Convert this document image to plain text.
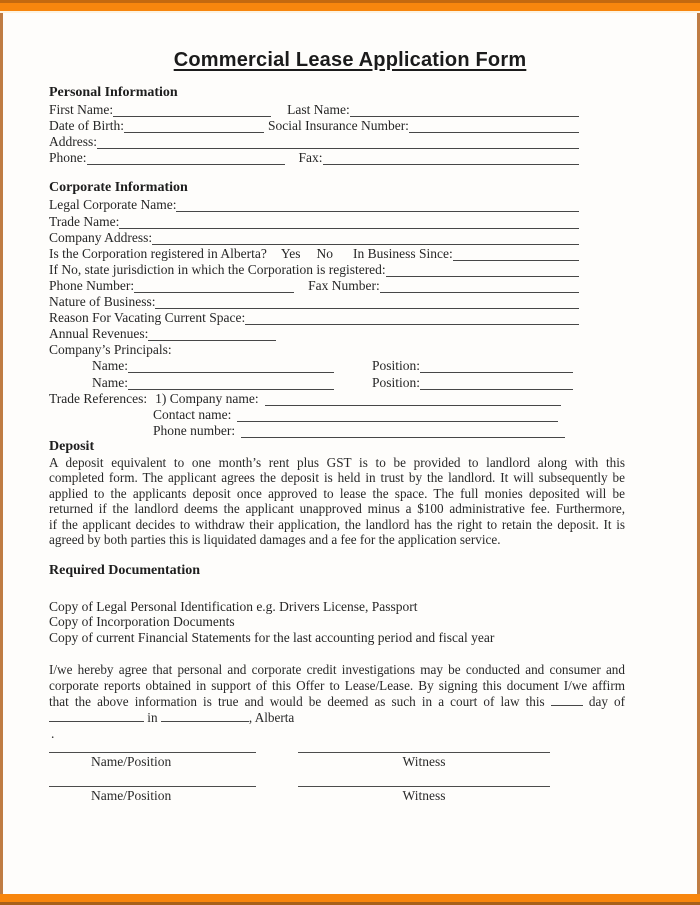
Commercial Lease Application Form
Personal Information
First Name:	Last Name:
Date of Birth:	Social Insurance Number:
Address:
Phone:	Fax:
Corporate Information
Legal Corporate Name:
Trade Name:
Company Address:
Is the Corporation registered in Alberta? Yes No In Business Since:
If No, state jurisdiction in which the Corporation is registered:
Phone Number:	Fax Number:
Nature of Business:
Reason For Vacating Current Space:
Annual Revenues:
Company’s Principals:
Name:	Position:
Name:	Position:
Trade References: 1) Company name:
Contact name:
Phone number:
Deposit
A deposit equivalent to one month’s rent plus GST is to be provided to landlord along with this
completed form. The applicant agrees the deposit is held in trust by the landlord. It will subsequently be
applied to the applicants deposit once approved to lease the space. The full monies deposited will be
returned if the landlord deems the applicant unapproved minus a $100 administrative fee. Furthermore,
if the applicant decides to withdraw their application, the landlord has the right to retain the deposit. It is
agreed by both parties this is liquidated damages and a fee for the application service.
Required Documentation
Copy of Legal Personal Identification e.g. Drivers License, Passport
Copy of Incorporation Documents
Copy of current Financial Statements for the last accounting period and fiscal year
I/we hereby agree that personal and corporate credit investigations may be conducted and consumer and
corporate reports obtained in support of this Offer to Lease/Lease. By signing this document I/we affirm
that the above information is true and would be deemed as such in a court of law this	day of
in	, Alberta
.
Name/Position	Witness
Name/Position	Witness
